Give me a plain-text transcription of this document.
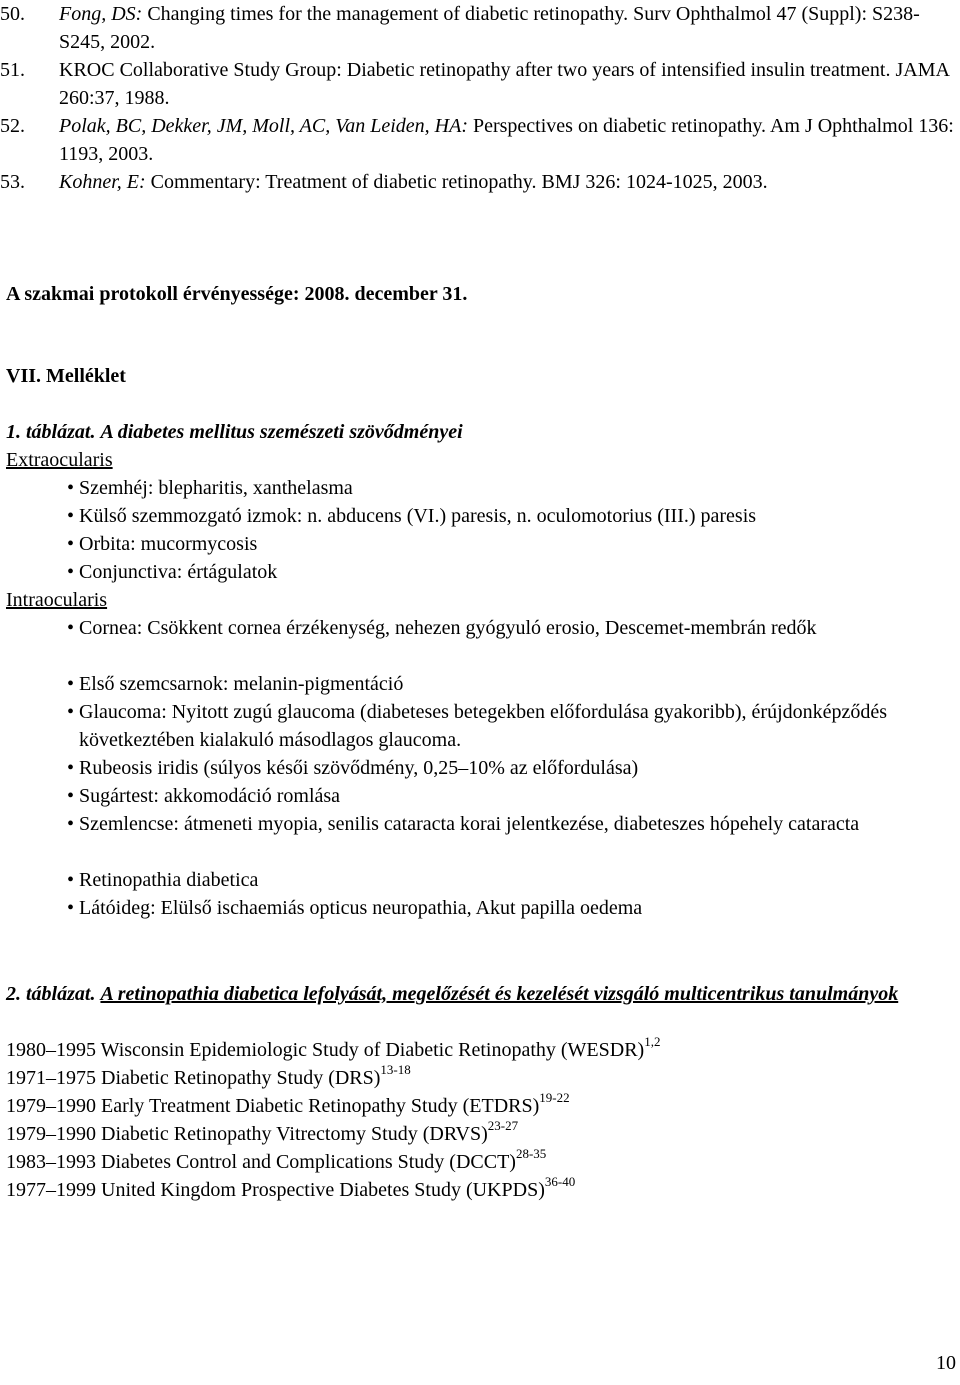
50. Fong, DS: Changing times for the management of diabetic retinopathy. Surv Ophthalmol 47 (Suppl): S238-S245, 2002.
51. KROC Collaborative Study Group: Diabetic retinopathy after two years of intensified insulin treatment. JAMA 260:37, 1988.
52. Polak, BC, Dekker, JM, Moll, AC, Van Leiden, HA: Perspectives on diabetic retinopathy. Am J Ophthalmol 136: 1193, 2003.
53. Kohner, E: Commentary: Treatment of diabetic retinopathy. BMJ 326: 1024-1025, 2003.
A szakmai protokoll érvényessége: 2008. december 31.
VII. Melléklet
1. táblázat. A diabetes mellitus szemészeti szövődményei
Extraocularis
• Szemhéj: blepharitis, xanthelasma
• Külső szemmozgató izmok: n. abducens (VI.) paresis, n. oculomotorius (III.) paresis
• Orbita: mucormycosis
• Conjunctiva: értágulatok
Intraocularis
• Cornea: Csökkent cornea érzékenység, nehezen gyógyuló erosio, Descemet-membrán redők
• Első szemcsarnok: melanin-pigmentáció
• Glaucoma: Nyitott zugú glaucoma (diabeteses betegekben előfordulása gyakoribb), érújdonképződés következtében kialakuló másodlagos glaucoma.
• Rubeosis iridis (súlyos késői szövődmény, 0,25–10% az előfordulása)
• Sugártest: akkomodáció romlása
• Szemlencse: átmeneti myopia, senilis cataracta korai jelentkezése, diabeteszes hópehely cataracta
• Retinopathia diabetica
• Látóideg: Elülső ischaemiás opticus neuropathia, Akut papilla oedema
2. táblázat. A retinopathia diabetica lefolyását, megelőzését és kezelését vizsgáló multicentrikus tanulmányok
1980–1995 Wisconsin Epidemiologic Study of Diabetic Retinopathy (WESDR)$^{1,2}$
1971–1975 Diabetic Retinopathy Study (DRS)$^{13-18}$
1979–1990 Early Treatment Diabetic Retinopathy Study (ETDRS)$^{19-22}$
1979–1990 Diabetic Retinopathy Vitrectomy Study (DRVS)$^{23-27}$
1983–1993 Diabetes Control and Complications Study (DCCT)$^{28-35}$
1977–1999 United Kingdom Prospective Diabetes Study (UKPDS)$^{36-40}$
10
